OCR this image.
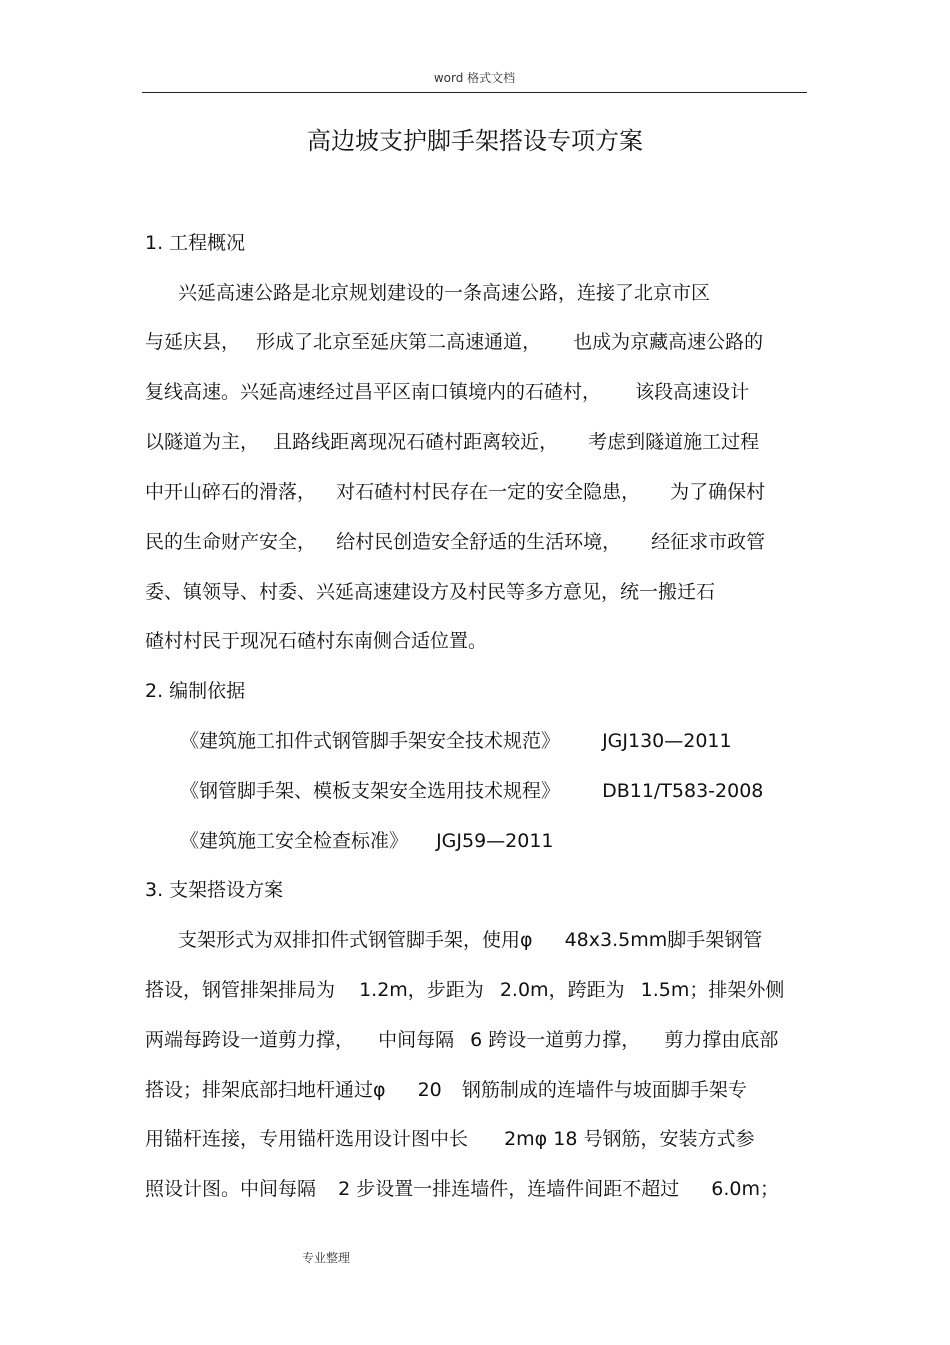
word 格式文档
高边坡支护脚手架搭设专项方案
1. 工程概况
兴延高速公路是北京规划建设的一条高速公路，连接了北京市区
与延庆县， 形成了北京至延庆第二高速通道， 也成为京藏高速公路的
复线高速。兴延高速经过昌平区南口镇境内的石碴村， 该段高速设计
以隧道为主， 且路线距离现况石碴村距离较近， 考虑到隧道施工过程
中开山碎石的滑落， 对石碴村村民存在一定的安全隐患， 为了确保村
民的生命财产安全， 给村民创造安全舒适的生活环境， 经征求市政管
委、镇领导、村委、兴延高速建设方及村民等多方意见，统一搬迁石
碴村村民于现况石碴村东南侧合适位置。
2. 编制依据
《建筑施工扣件式钢管脚手架安全技术规范》 JGJ130—2011
《钢管脚手架、模板支架安全选用技术规程》 DB11/T583-2008
《建筑施工安全检查标准》 JGJ59—2011
3. 支架搭设方案
支架形式为双排扣件式钢管脚手架，使用φ 48x3.5mm脚手架钢管
搭设，钢管排架排局为 1.2m，步距为 2.0m，跨距为 1.5m；排架外侧
两端每跨设一道剪力撑， 中间每隔 6 跨设一道剪力撑， 剪力撑由底部
搭设；排架底部扫地杆通过φ 20 钢筋制成的连墙件与坡面脚手架专
用锚杆连接，专用锚杆选用设计图中长 2mφ 18 号钢筋，安装方式参
照设计图。中间每隔 2 步设置一排连墙件，连墙件间距不超过 6.0m；
专业整理
